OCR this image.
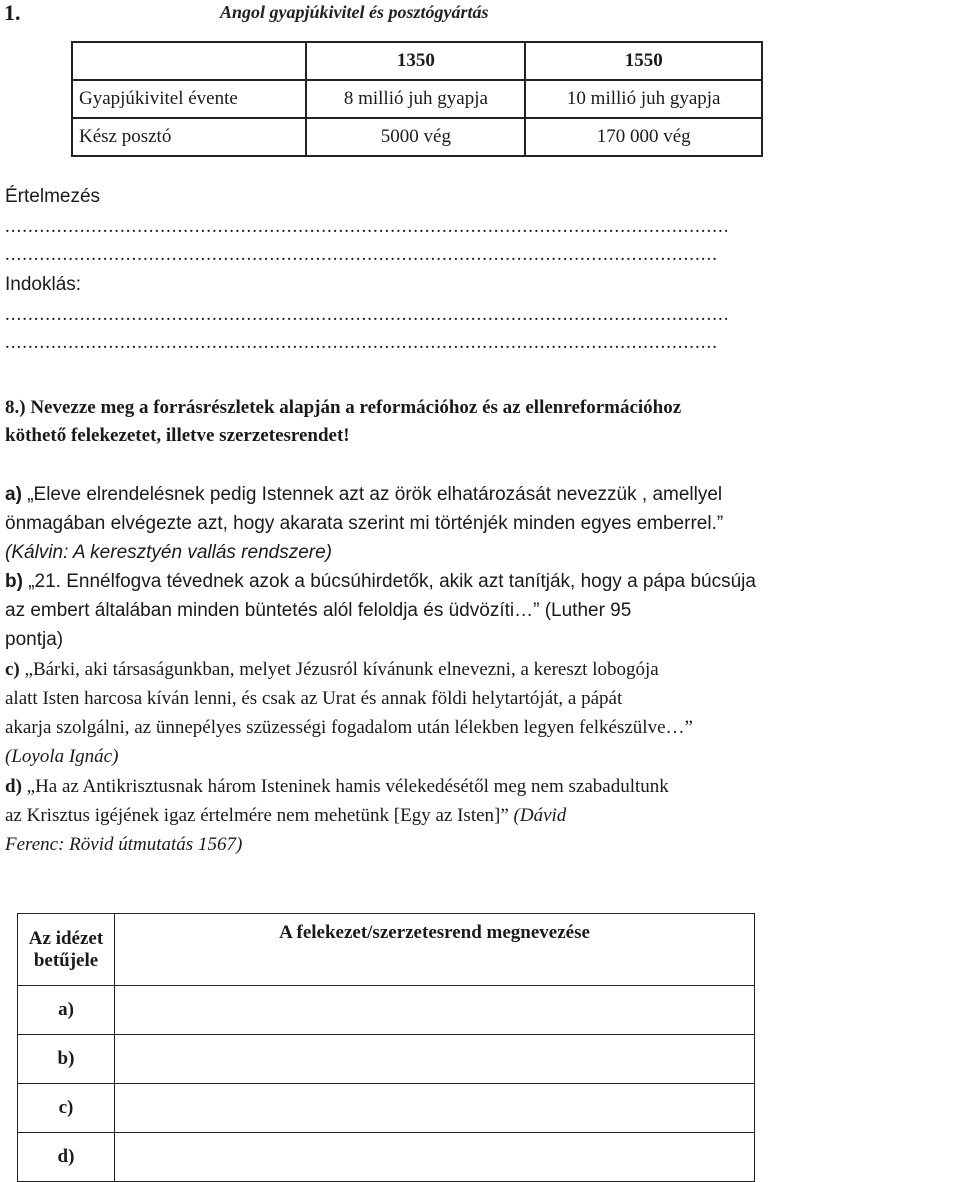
1.	Angol gyapjúkivitel és posztógyártás
	1350	1550
Gyapjúkivitel évente	8 millió juh gyapja	10 millió juh gyapja
Kész posztó	5000 vég	170 000 vég
Értelmezés
..............................................................................................................................
............................................................................................................................
Indoklás:
..............................................................................................................................
............................................................................................................................
8.) Nevezze meg a forrásrészletek alapján a reformációhoz és az ellenreformációhoz
köthető felekezetet, illetve szerzetesrendet!
a) „Eleve elrendelésnek pedig Istennek azt az örök elhatározását nevezzük , amellyel
önmagában elvégezte azt, hogy akarata szerint mi történjék minden egyes emberrel.”
(Kálvin: A keresztyén vallás rendszere)
b) „21. Ennélfogva tévednek azok a búcsúhirdetők, akik azt tanítják, hogy a pápa búcsúja
az embert általában minden büntetés alól feloldja és üdvözíti…” (Luther 95
pontja)
c) „Bárki, aki társaságunkban, melyet Jézusról kívánunk elnevezni, a kereszt lobogója
alatt Isten harcosa kíván lenni, és csak az Urat és annak földi helytartóját, a pápát
akarja szolgálni, az ünnepélyes szüzességi fogadalom után lélekben legyen felkészülve…”
(Loyola Ignác)
d) „Ha az Antikrisztusnak három Isteninek hamis vélekedésétől meg nem szabadultunk
az Krisztus igéjének igaz értelmére nem mehetünk [Egy az Isten]” (Dávid
Ferenc: Rövid útmutatás 1567)
Az idézet
betűjele	A felekezet/szerzetesrend megnevezése
a)	
b)	
c)	
d)	
